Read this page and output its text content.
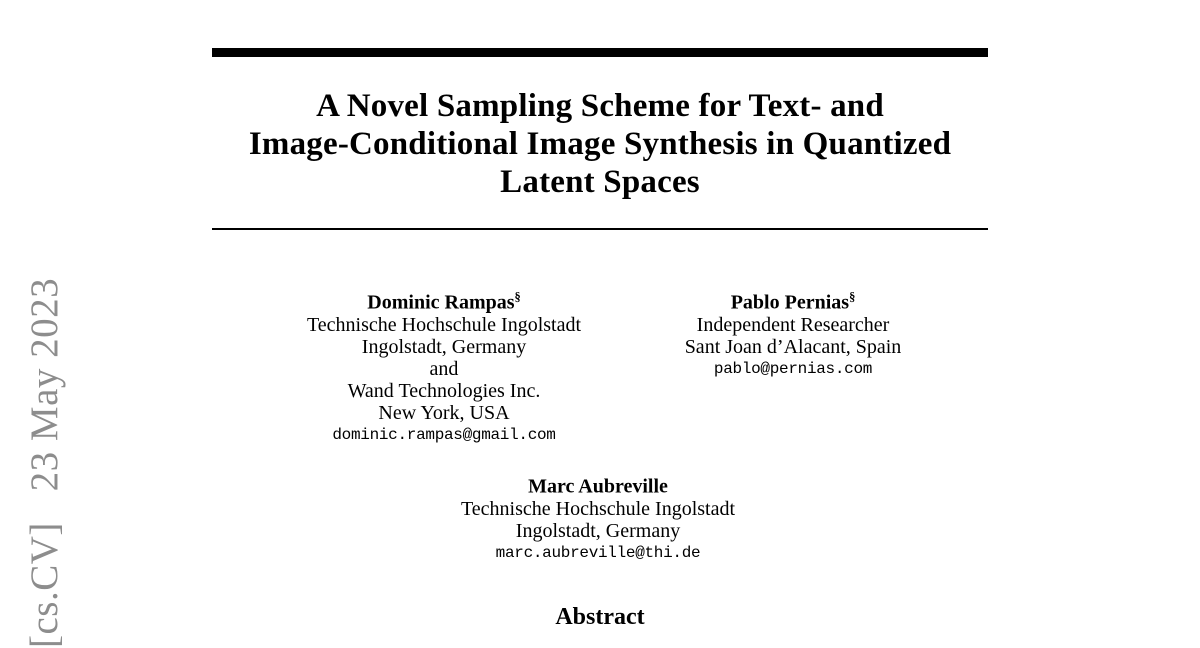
[cs.CV]   23 May 2023
A Novel Sampling Scheme for Text- and
Image-Conditional Image Synthesis in Quantized
Latent Spaces
Dominic Rampas§
Technische Hochschule Ingolstadt
Ingolstadt, Germany
and
Wand Technologies Inc.
New York, USA
dominic.rampas@gmail.com
Pablo Pernias§
Independent Researcher
Sant Joan d’Alacant, Spain
pablo@pernias.com
Marc Aubreville
Technische Hochschule Ingolstadt
Ingolstadt, Germany
marc.aubreville@thi.de
Abstract
